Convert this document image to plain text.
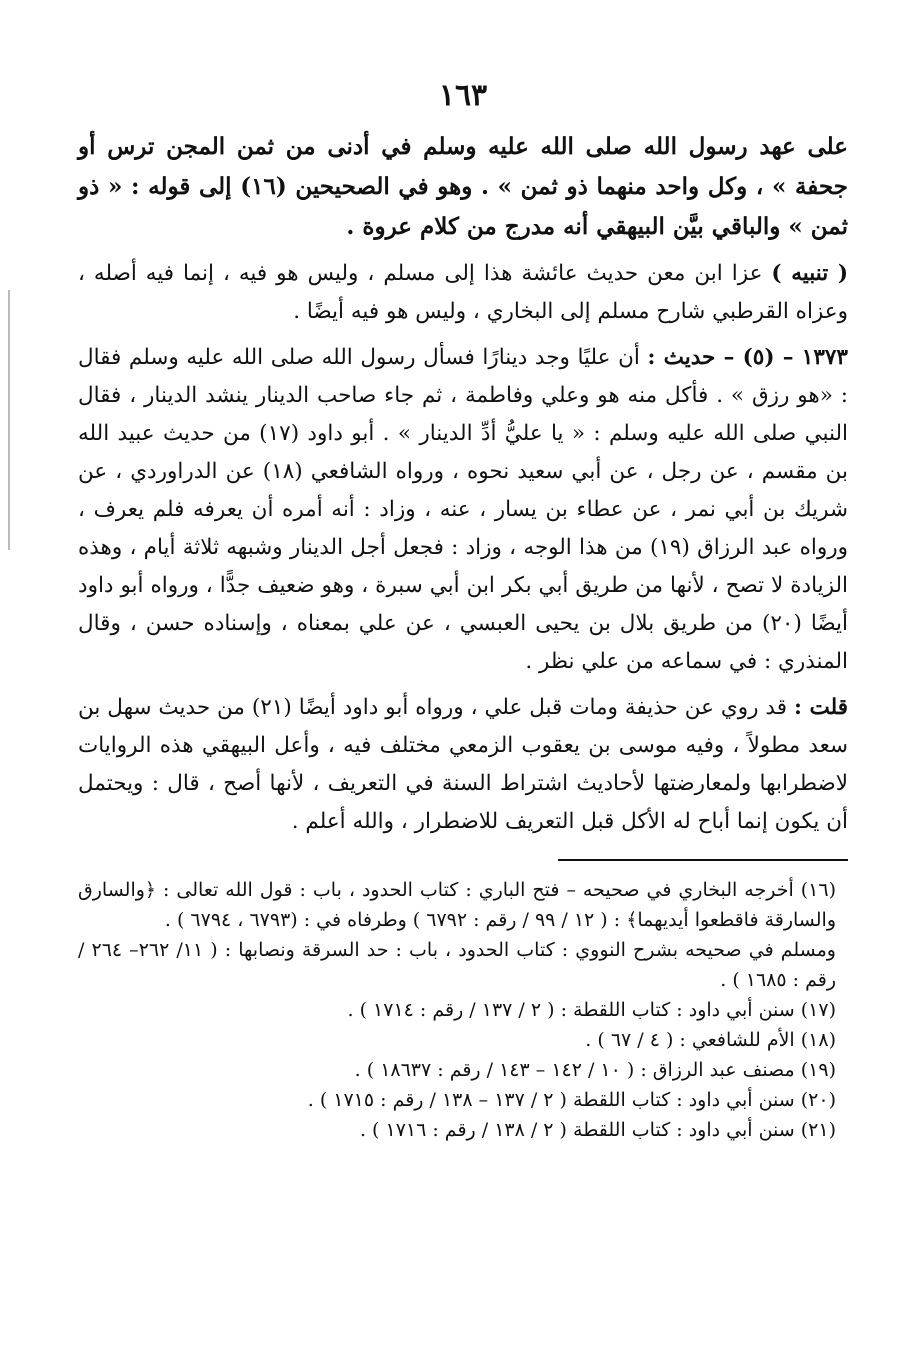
١٦٣

على عهد رسول الله صلى الله عليه وسلم في أدنى من ثمن المجن ترس أو جحفة » ، وكل واحد منهما ذو ثمن » . وهو في الصحيحين (١٦) إلى قوله : « ذو ثمن » والباقي بيَّن البيهقي أنه مدرج من كلام عروة .

( تنبيه ) عزا ابن معن حديث عائشة هذا إلى مسلم ، وليس هو فيه ، إنما فيه أصله ، وعزاه القرطبي شارح مسلم إلى البخاري ، وليس هو فيه أيضًا .

١٣٧٣ – (٥) – حديث : أن عليًا وجد دينارًا فسأل رسول الله صلى الله عليه وسلم فقال : «هو رزق » . فأكل منه هو وعلي وفاطمة ، ثم جاء صاحب الدينار ينشد الدينار ، فقال النبي صلى الله عليه وسلم : « يا عليُّ أدِّ الدينار » . أبو داود (١٧) من حديث عبيد الله بن مقسم ، عن رجل ، عن أبي سعيد نحوه ، ورواه الشافعي (١٨) عن الدراوردي ، عن شريك بن أبي نمر ، عن عطاء بن يسار ، عنه ، وزاد : أنه أمره أن يعرفه فلم يعرف ، ورواه عبد الرزاق (١٩) من هذا الوجه ، وزاد : فجعل أجل الدينار وشبهه ثلاثة أيام ، وهذه الزيادة لا تصح ، لأنها من طريق أبي بكر ابن أبي سبرة ، وهو ضعيف جدًّا ، ورواه أبو داود أيضًا (٢٠) من طريق بلال بن يحيى العبسي ، عن علي بمعناه ، وإسناده حسن ، وقال المنذري : في سماعه من علي نظر .

قلت : قد روي عن حذيفة ومات قبل علي ، ورواه أبو داود أيضًا (٢١) من حديث سهل بن سعد مطولاً ، وفيه موسى بن يعقوب الزمعي مختلف فيه ، وأعل البيهقي هذه الروايات لاضطرابها ولمعارضتها لأحاديث اشتراط السنة في التعريف ، لأنها أصح ، قال : ويحتمل أن يكون إنما أباح له الأكل قبل التعريف للاضطرار ، والله أعلم .

(١٦) أخرجه البخاري في صحيحه – فتح الباري : كتاب الحدود ، باب : قول الله تعالى : ﴿والسارق والسارقة فاقطعوا أيديهما﴾ : ( ١٢ / ٩٩ / رقم : ٦٧٩٢ ) وطرفاه في : (٦٧٩٣ ، ٦٧٩٤ ) .

ومسلم في صحيحه بشرح النووي : كتاب الحدود ، باب : حد السرقة ونصابها : ( ١١/ ٢٦٢– ٢٦٤ / رقم : ١٦٨٥ ) .

(١٧) سنن أبي داود : كتاب اللقطة : ( ٢ / ١٣٧ / رقم : ١٧١٤ ) .

(١٨) الأم للشافعي : ( ٤ / ٦٧ ) .

(١٩) مصنف عبد الرزاق : ( ١٠ / ١٤٢ – ١٤٣ / رقم : ١٨٦٣٧ ) .

(٢٠) سنن أبي داود : كتاب اللقطة ( ٢ / ١٣٧ – ١٣٨ / رقم : ١٧١٥ ) .

(٢١) سنن أبي داود : كتاب اللقطة ( ٢ / ١٣٨ / رقم : ١٧١٦ ) .
